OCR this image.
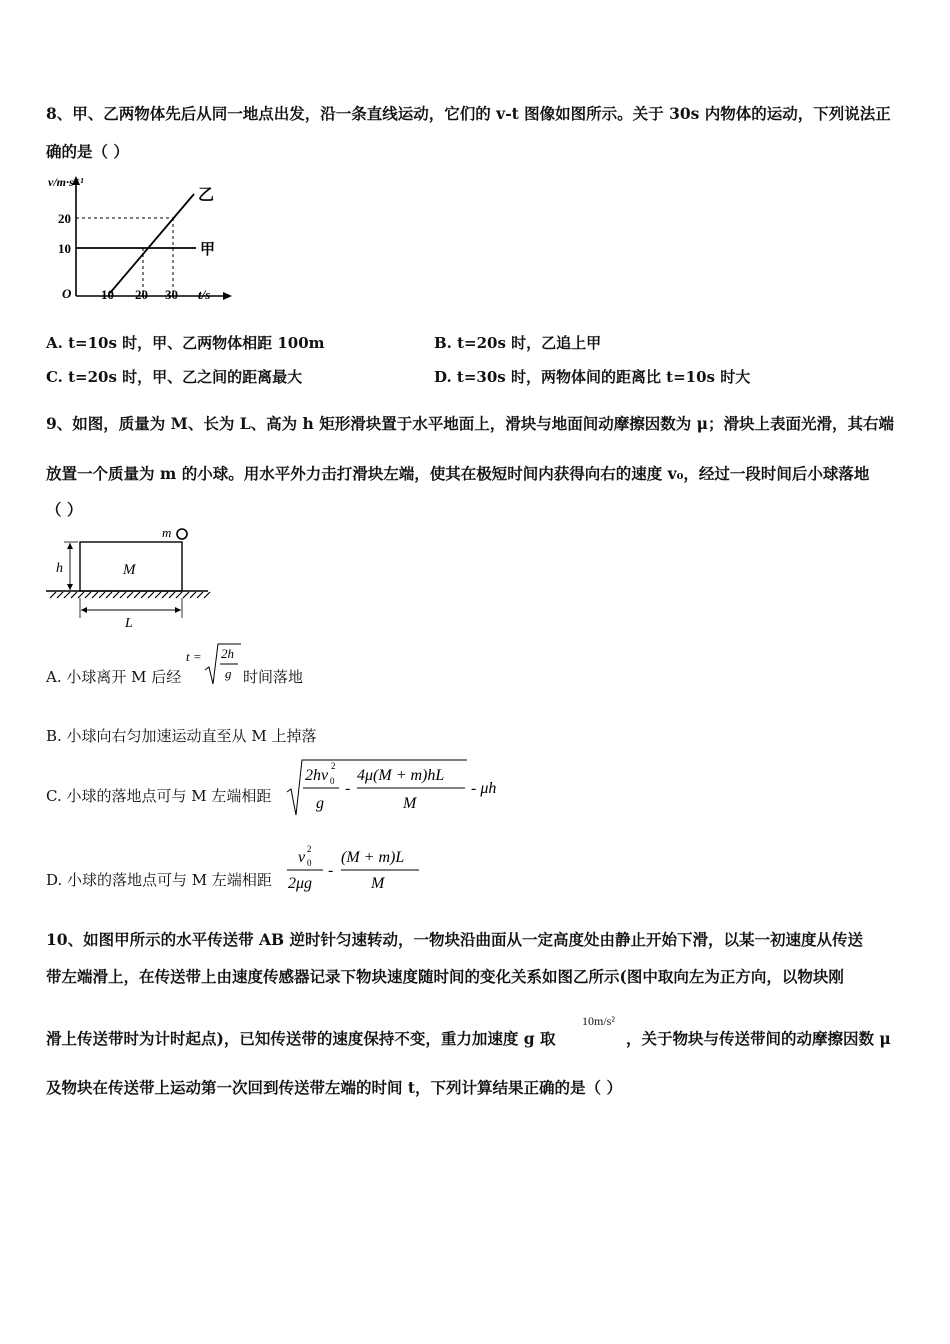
8、甲、乙两物体先后从同一地点出发，沿一条直线运动，它们的 v-t 图像如图所示。关于 30s 内物体的运动，下列说法正
确的是（ ）
v/m·s⁻¹
O
10
20
10 20 30 t/s
乙
甲
A. t=10s 时，甲、乙两物体相距 100m	B. t=20s 时，乙追上甲
C. t=20s 时，甲、乙之间的距离最大	D. t=30s 时，两物体间的距离比 t=10s 时大
9、如图，质量为 M、长为 L、高为 h 矩形滑块置于水平地面上，滑块与地面间动摩擦因数为 μ；滑块上表面光滑，其右端
放置一个质量为 m 的小球。用水平外力击打滑块左端，使其在极短时间内获得向右的速度 v₀，经过一段时间后小球落地
（ ）
m
M
h
L
A. 小球离开 M 后经
t = 2h
g 时间落地
B. 小球向右匀加速运动直至从 M 上掉落
C. 小球的落地点可与 M 左端相距
2hv
2
0
g
-
4μ(M + m)hL
M
- μh
D. 小球的落地点可与 M 左端相距
v 2
0
2μg
-
(M + m)L
M
10、如图甲所示的水平传送带 AB 逆时针匀速转动，一物块沿曲面从一定高度处由静止开始下滑，以某一初速度从传送
带左端滑上，在传送带上由速度传感器记录下物块速度随时间的变化关系如图乙所示(图中取向左为正方向，以物块刚
滑上传送带时为计时起点)，已知传送带的速度保持不变，重力加速度 g 取
10m/s²
，关于物块与传送带间的动摩擦因数 μ
及物块在传送带上运动第一次回到传送带左端的时间 t，下列计算结果正确的是（ ）
